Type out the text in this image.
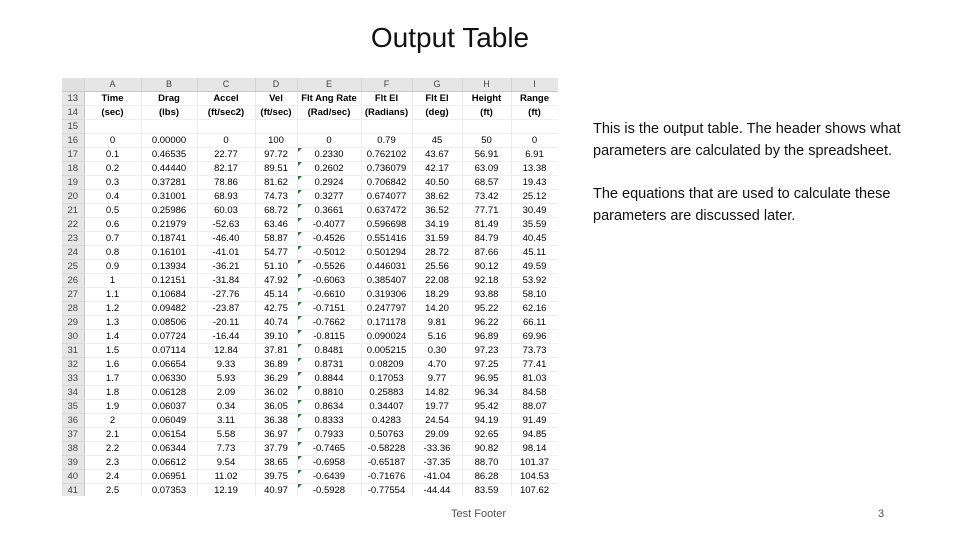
Output Table
	A	B	C	D	E	F	G	H	I
13	Time	Drag	Accel	Vel	Flt Ang Rate	Flt El	Flt El	Height	Range
14	(sec)	(lbs)	(ft/sec2)	(ft/sec)	(Rad/sec)	(Radians)	(deg)	(ft)	(ft)
15									
16	0	0.00000	0	100	0	0.79	45	50	0
17	0.1	0.46535	22.77	97.72	0.2330	0.762102	43.67	56.91	6.91
18	0.2	0.44440	82.17	89.51	0.2602	0.736079	42.17	63.09	13.38
19	0.3	0.37281	78.86	81.62	0.2924	0.706842	40.50	68.57	19.43
20	0.4	0.31001	68.93	74.73	0.3277	0.674077	38.62	73.42	25.12
21	0.5	0.25986	60.03	68.72	0.3661	0.637472	36.52	77.71	30.49
22	0.6	0.21979	-52.63	63.46	-0.4077	0.596698	34.19	81.49	35.59
23	0.7	0.18741	-46.40	58.87	-0.4526	0.551416	31.59	84.79	40.45
24	0.8	0.16101	-41.01	54.77	-0.5012	0.501294	28.72	87.66	45.11
25	0.9	0.13934	-36.21	51.10	-0.5526	0.446031	25.56	90.12	49.59
26	1	0.12151	-31.84	47.92	-0.6063	0.385407	22.08	92.18	53.92
27	1.1	0.10684	-27.76	45.14	-0.6610	0.319306	18.29	93.88	58.10
28	1.2	0.09482	-23.87	42.75	-0.7151	0.247797	14.20	95.22	62.16
29	1.3	0.08506	-20.11	40.74	-0.7662	0.171178	9.81	96.22	66.11
30	1.4	0.07724	-16.44	39.10	-0.8115	0.090024	5.16	96.89	69.96
31	1.5	0.07114	12.84	37.81	0.8481	0.005215	0.30	97.23	73.73
32	1.6	0.06654	9.33	36.89	0.8731	0.08209	4.70	97.25	77.41
33	1.7	0.06330	5.93	36.29	0.8844	0.17053	9.77	96.95	81.03
34	1.8	0.06128	2.09	36.02	0.8810	0.25883	14.82	96.34	84.58
35	1.9	0.06037	0.34	36.05	0.8634	0.34407	19.77	95.42	88.07
36	2	0.06049	3.11	36.38	0.8333	0.4283	24.54	94.19	91.49
37	2.1	0.06154	5.58	36.97	0.7933	0.50763	29.09	92.65	94.85
38	2.2	0.06344	7.73	37.79	-0.7465	-0.58228	-33.36	90.82	98.14
39	2.3	0.06612	9.54	38.65	-0.6958	-0.65187	-37.35	88.70	101.37
40	2.4	0.06951	11.02	39.75	-0.6439	-0.71676	-41.04	86.28	104.53
41	2.5	0.07353	12.19	40.97	-0.5928	-0.77554	-44.44	83.59	107.62

This is the output table. The header shows what parameters are calculated by the spreadsheet.

The equations that are used to calculate these parameters are discussed later.

Test Footer	3
